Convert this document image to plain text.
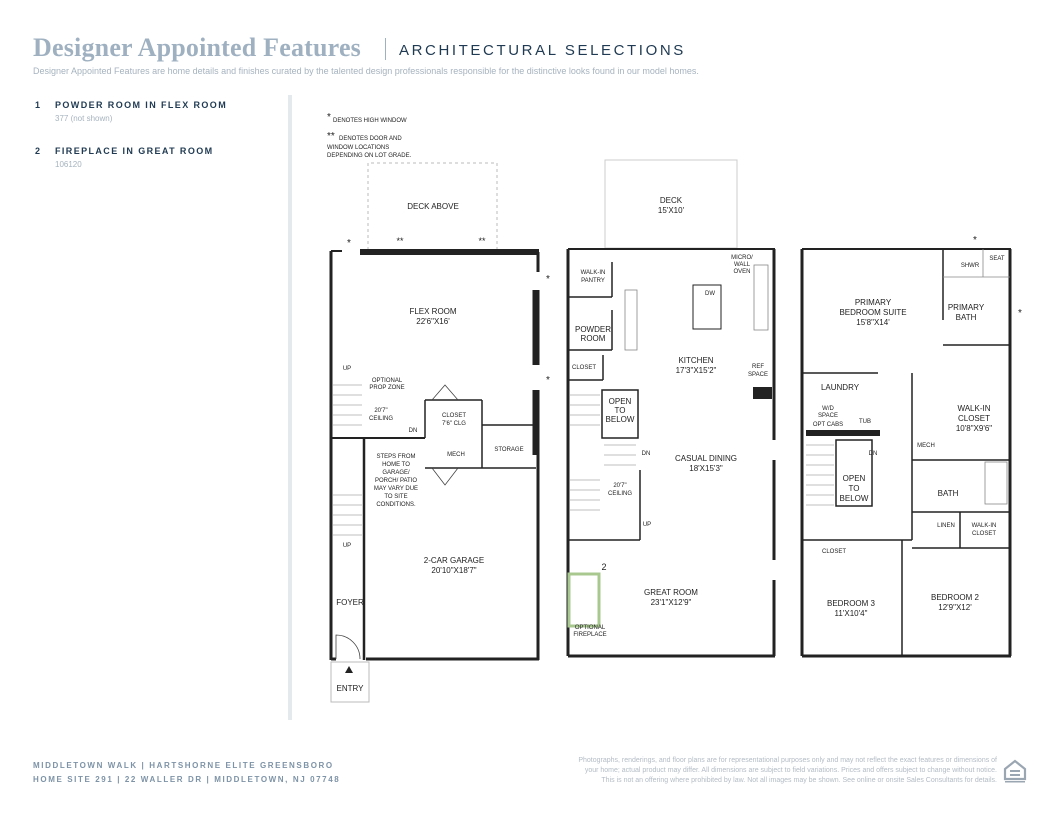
Designer Appointed Features	ARCHITECTURAL SELECTIONS
Designer Appointed Features are home details and finishes curated by the talented design professionals responsible for the distinctive looks found in our model homes.
1 POWDER ROOM IN FLEX ROOM
377 (not shown)
2 FIREPLACE IN GREAT ROOM
106120
* DENOTES HIGH WINDOW
** DENOTES DOOR AND
WINDOW LOCATIONS
DEPENDING ON LOT GRADE.
DECK ABOVE
*	**	**
*
*
FLEX ROOM
22'6"X16'
UP
OPTIONAL
PROP ZONE
20'7"
CEILING
DN
CLOSET
7'6" CLG
MECH
STORAGE
STEPS FROM
HOME TO
GARAGE/
PORCH/ PATIO
MAY VARY DUE
TO SITE
CONDITIONS.
UP
2-CAR GARAGE
20'10"X18'7"
FOYER
ENTRY
DECK
15'X10'
MICRO/
WALL
OVEN
WALK-IN
PANTRY
DW
POWDER
ROOM
CLOSET
KITCHEN
17'3"X15'2"	REF
SPACE
OPEN
TO
BELOW
DN	CASUAL DINING
18'X15'3"
20'7"
CEILING
UP
2
GREAT ROOM
23'1"X12'9"
OPTIONAL
FIREPLACE
*
*
SHWR
SEAT
PRIMARY
BEDROOM SUITE
15'8"X14'
PRIMARY
BATH
LAUNDRY
W/D
SPACE
OPT CABS	TUB
WALK-IN
CLOSET
10'8"X9'6"
DN
MECH
OPEN
TO
BELOW
BATH
LINEN	WALK-IN
CLOSET
CLOSET
BEDROOM 3
11'X10'4"
BEDROOM 2
12'9"X12'
MIDDLETOWN WALK | HARTSHORNE ELITE GREENSBORO
HOME SITE 291 | 22 WALLER DR | MIDDLETOWN, NJ 07748
Photographs, renderings, and floor plans are for representational purposes only and may not reflect the exact features or dimensions of
your home; actual product may differ. All dimensions are subject to field variations. Prices and offers subject to change without notice.
This is not an offering where prohibited by law. Not all images may be shown. See online or onsite Sales Consultants for details.
